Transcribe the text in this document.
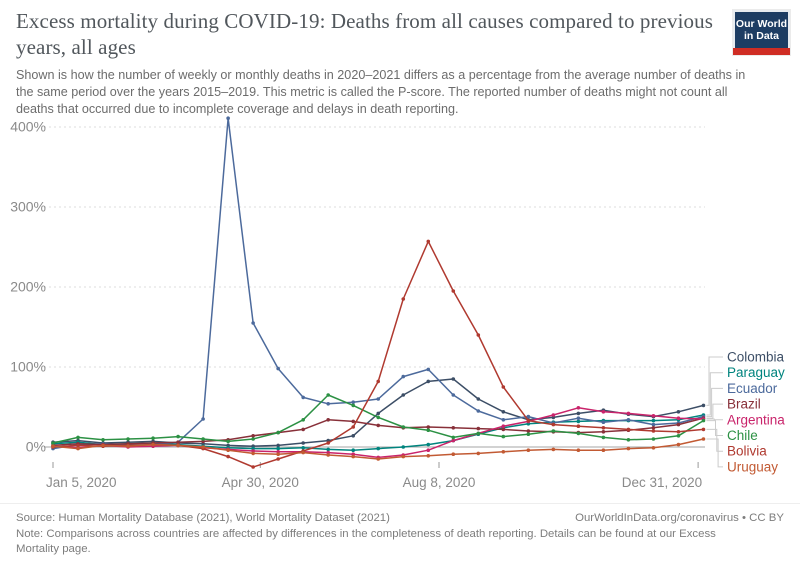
Excess mortality during COVID-19: Deaths from all causes compared to previous years, all ages
Shown is how the number of weekly or monthly deaths in 2020–2021 differs as a percentage from the average number of deaths in the same period over the years 2015–2019. This metric is called the P-score. The reported number of deaths might not count all deaths that occurred due to incomplete coverage and delays in death reporting.
Our World
in Data
0%
100%
200%
300%
400%
Jan 5, 2020	Apr 30, 2020	Aug 8, 2020	Dec 31, 2020
Colombia
Paraguay
Ecuador
Brazil
Argentina
Chile
Bolivia
Uruguay
Source: Human Mortality Database (2021), World Mortality Dataset (2021)	OurWorldInData.org/coronavirus • CC BY
Note: Comparisons across countries are affected by differences in the completeness of death reporting. Details can be found at our Excess Mortality page.
